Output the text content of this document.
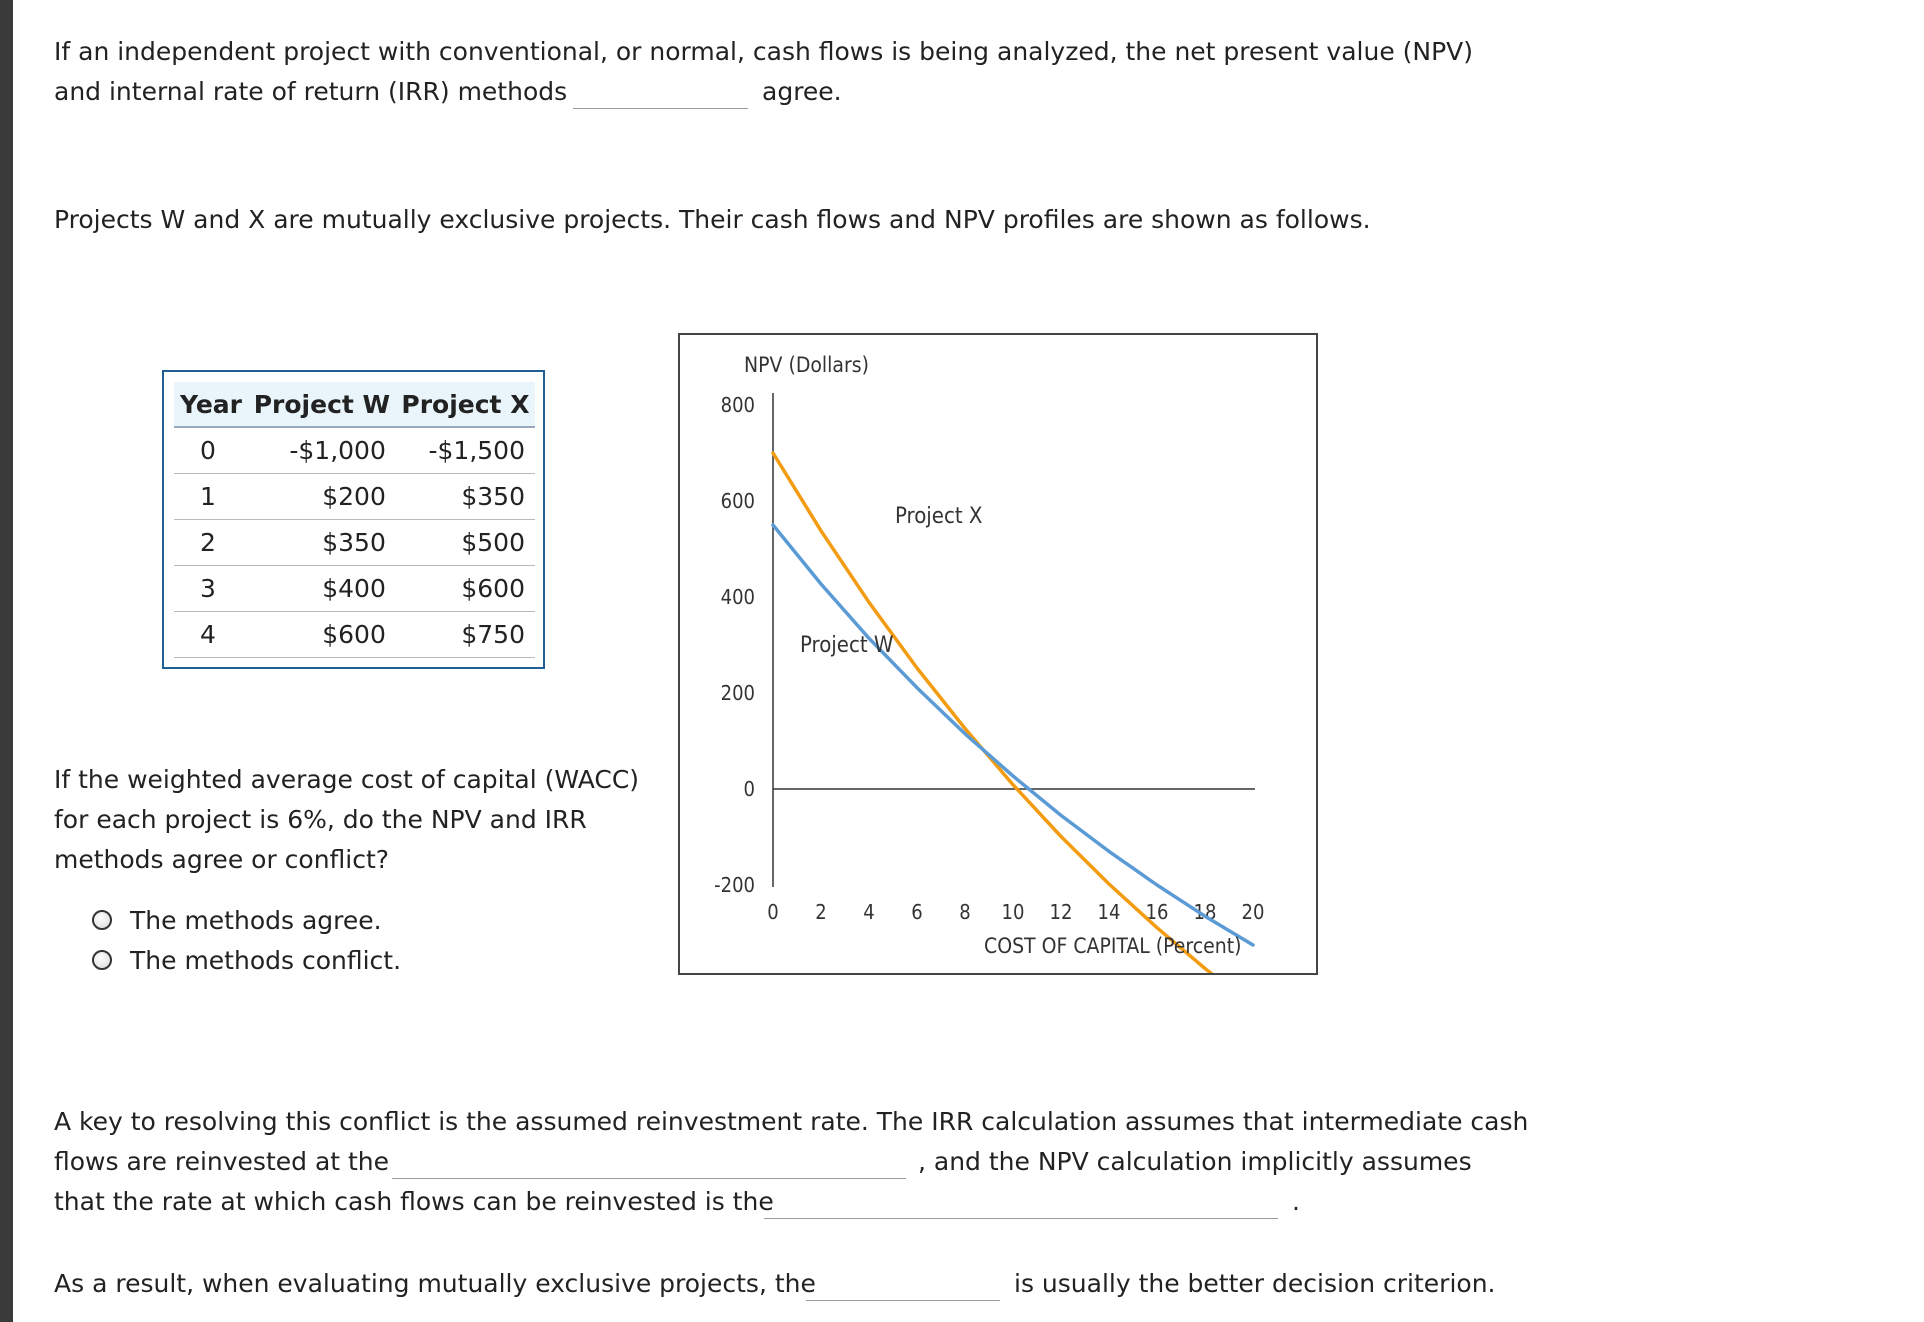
If an independent project with conventional, or normal, cash flows is being analyzed, the net present value (NPV)
and internal rate of return (IRR) methods	agree.
Projects W and X are mutually exclusive projects. Their cash flows and NPV profiles are shown as follows.
Year	Project W	Project X
0	-$1,000	-$1,500
1	$200	$350
2	$350	$500
3	$400	$600
4	$600	$750
If the weighted average cost of capital (WACC)
for each project is 6%, do the NPV and IRR
methods agree or conflict?
The methods agree.
The methods conflict.
NPV (Dollars)
800
600
400
200
0
-200
0 2 4 6 8 10 12 14 16 18 20
Project X
Project W
COST OF CAPITAL (Percent)
A key to resolving this conflict is the assumed reinvestment rate. The IRR calculation assumes that intermediate cash
flows are reinvested at the	, and the NPV calculation implicitly assumes
that the rate at which cash flows can be reinvested is the	.
As a result, when evaluating mutually exclusive projects, the	is usually the better decision criterion.
